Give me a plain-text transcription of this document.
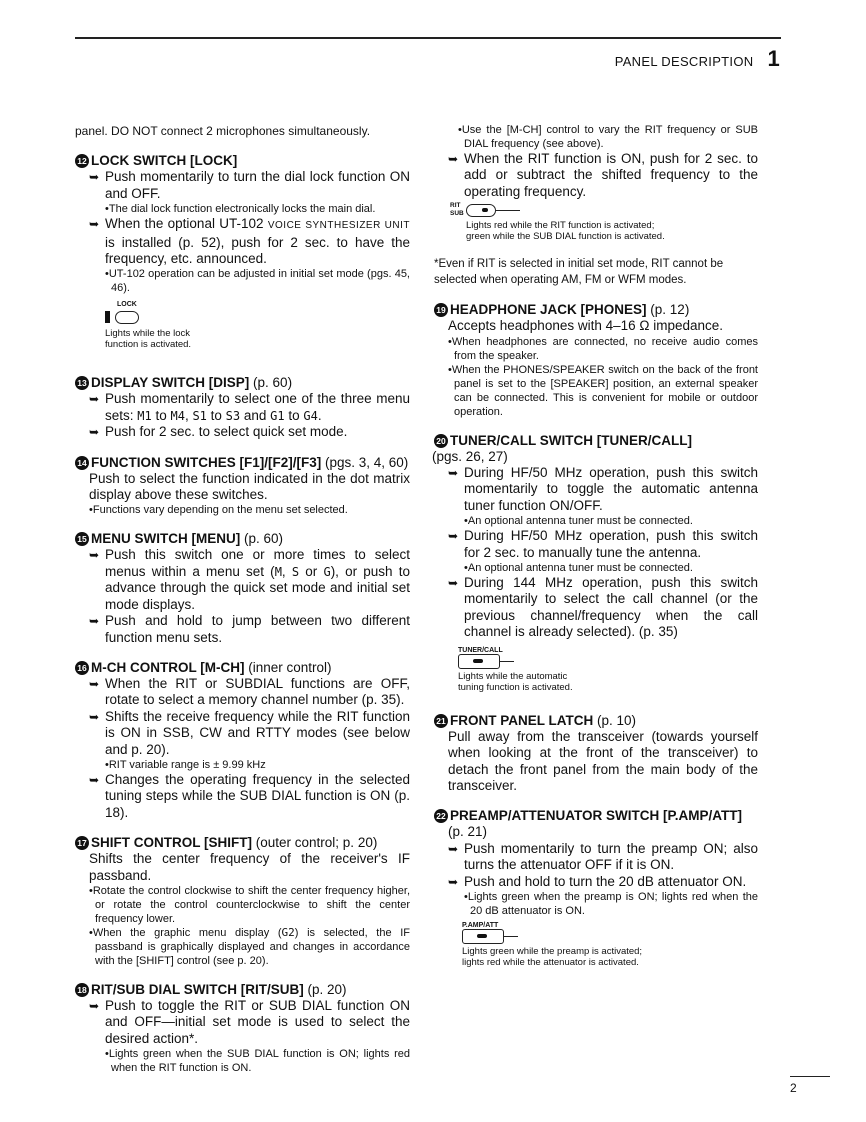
PANEL DESCRIPTION 1

panel. DO NOT connect 2 microphones simultaneously.

12 LOCK SWITCH [LOCK]

➥ Push momentarily to turn the dial lock function ON and OFF.

•The dial lock function electronically locks the main dial.

➥ When the optional UT-102 VOICE SYNTHESIZER UNIT is installed (p. 52), push for 2 sec. to have the frequency, etc. announced.

•UT-102 operation can be adjusted in initial set mode (pgs. 45, 46).

LOCK
Lights while the lock
function is activated.

13 DISPLAY SWITCH [DISP] (p. 60)

➥ Push momentarily to select one of the three menu sets: M1 to M4, S1 to S3 and G1 to G4.

➥ Push for 2 sec. to select quick set mode.

14 FUNCTION SWITCHES [F1]/[F2]/[F3] (pgs. 3, 4, 60)

Push to select the function indicated in the dot matrix display above these switches.

•Functions vary depending on the menu set selected.

15 MENU SWITCH [MENU] (p. 60)

➥ Push this switch one or more times to select menus within a menu set (M, S or G), or push to advance through the quick set mode and initial set mode displays.

➥ Push and hold to jump between two different function menu sets.

16 M-CH CONTROL [M-CH] (inner control)

➥ When the RIT or SUBDIAL functions are OFF, rotate to select a memory channel number (p. 35).

➥ Shifts the receive frequency while the RIT function is ON in SSB, CW and RTTY modes (see below and p. 20).

•RIT variable range is ± 9.99 kHz

➥ Changes the operating frequency in the selected tuning steps while the SUB DIAL function is ON (p. 18).

17 SHIFT CONTROL [SHIFT] (outer control; p. 20)

Shifts the center frequency of the receiver's IF passband.

•Rotate the control clockwise to shift the center frequency higher, or rotate the control counterclockwise to shift the center frequency lower.

•When the graphic menu display (G2) is selected, the IF passband is graphically displayed and changes in accordance with the [SHIFT] control (see p. 20).

18 RIT/SUB DIAL SWITCH [RIT/SUB] (p. 20)

➥ Push to toggle the RIT or SUB DIAL function ON and OFF—initial set mode is used to select the desired action*.

•Lights green when the SUB DIAL function is ON; lights red when the RIT function is ON.

•Use the [M-CH] control to vary the RIT frequency or SUB DIAL frequency (see above).

➥ When the RIT function is ON, push for 2 sec. to add or subtract the shifted frequency to the operating frequency.

RIT
SUB
Lights red while the RIT function is activated;
green while the SUB DIAL function is activated.

*Even if RIT is selected in initial set mode, RIT cannot be selected when operating AM, FM or WFM modes.

19 HEADPHONE JACK [PHONES] (p. 12)

Accepts headphones with 4–16 Ω impedance.

•When headphones are connected, no receive audio comes from the speaker.

•When the PHONES/SPEAKER switch on the back of the front panel is set to the [SPEAKER] position, an external speaker can be connected. This is convenient for mobile or outdoor operation.

20 TUNER/CALL SWITCH [TUNER/CALL]

(pgs. 26, 27)

➥ During HF/50 MHz operation, push this switch momentarily to toggle the automatic antenna tuner function ON/OFF.

•An optional antenna tuner must be connected.

➥ During HF/50 MHz operation, push this switch for 2 sec. to manually tune the antenna.

•An optional antenna tuner must be connected.

➥ During 144 MHz operation, push this switch momentarily to select the call channel (or the previous channel/frequency when the call channel is already selected). (p. 35)

TUNER/CALL
Lights while the automatic
tuning function is activated.

21 FRONT PANEL LATCH (p. 10)

Pull away from the transceiver (towards yourself when looking at the front of the transceiver) to detach the front panel from the main body of the transceiver.

22 PREAMP/ATTENUATOR SWITCH [P.AMP/ATT]

(p. 21)

➥ Push momentarily to turn the preamp ON; also turns the attenuator OFF if it is ON.

➥ Push and hold to turn the 20 dB attenuator ON.

•Lights green when the preamp is ON; lights red when the 20 dB attenuator is ON.

P.AMP/ATT
Lights green while the preamp is activated;
lights red while the attenuator is activated.
2
